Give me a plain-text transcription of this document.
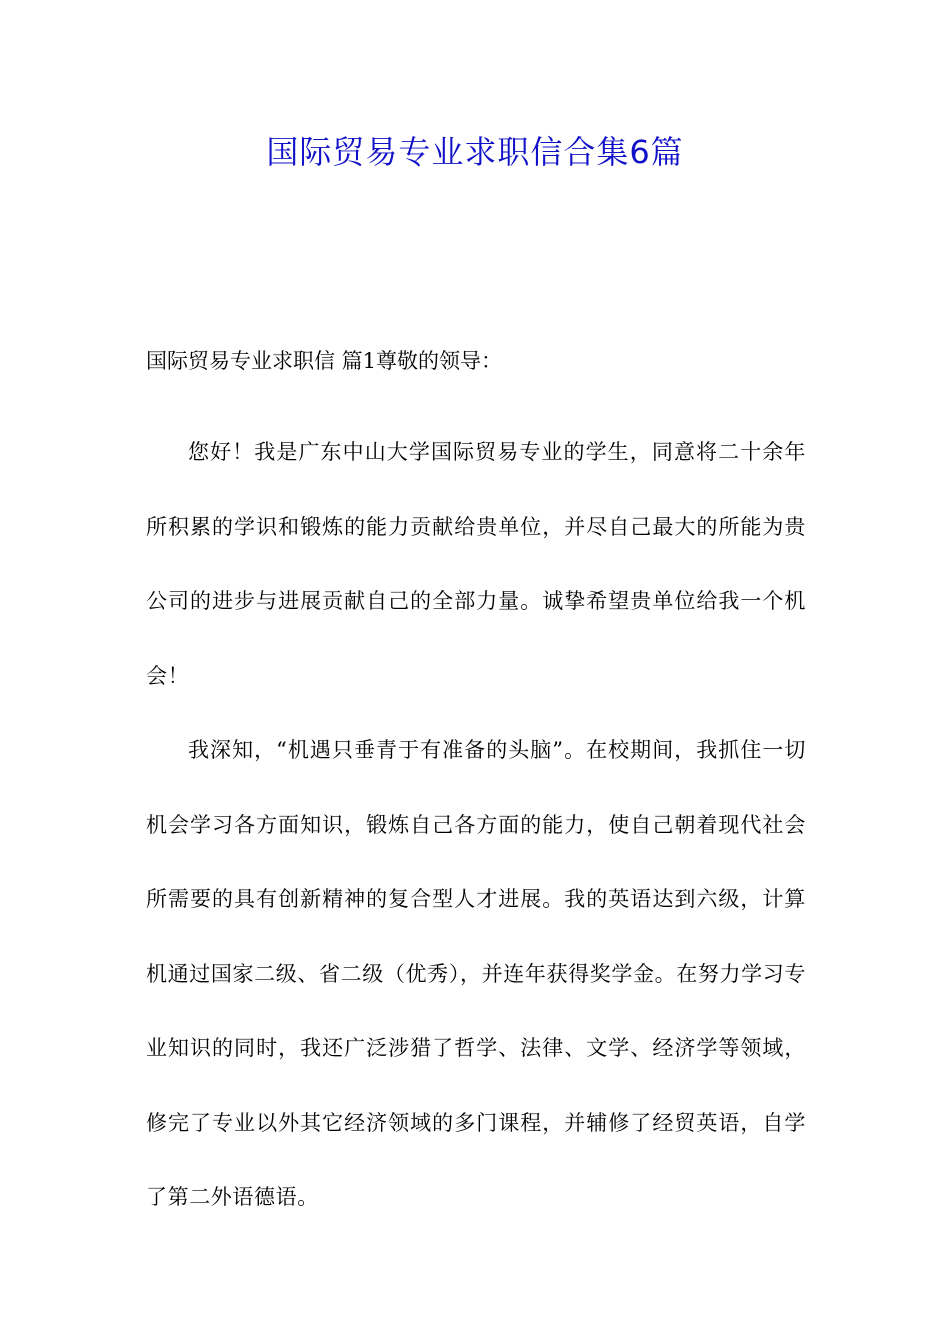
国际贸易专业求职信合集6篇

国际贸易专业求职信 篇1尊敬的领导：

您好！我是广东中山大学国际贸易专业的学生，同意将二十余年所积累的学识和锻炼的能力贡献给贵单位，并尽自己最大的所能为贵公司的进步与进展贡献自己的全部力量。诚挚希望贵单位给我一个机会！

我深知，“机遇只垂青于有准备的头脑”。在校期间，我抓住一切机会学习各方面知识，锻炼自己各方面的能力，使自己朝着现代社会所需要的具有创新精神的复合型人才进展。我的英语达到六级，计算机通过国家二级、省二级（优秀），并连年获得奖学金。在努力学习专业知识的同时，我还广泛涉猎了哲学、法律、文学、经济学等领域，修完了专业以外其它经济领域的多门课程，并辅修了经贸英语，自学了第二外语德语。
